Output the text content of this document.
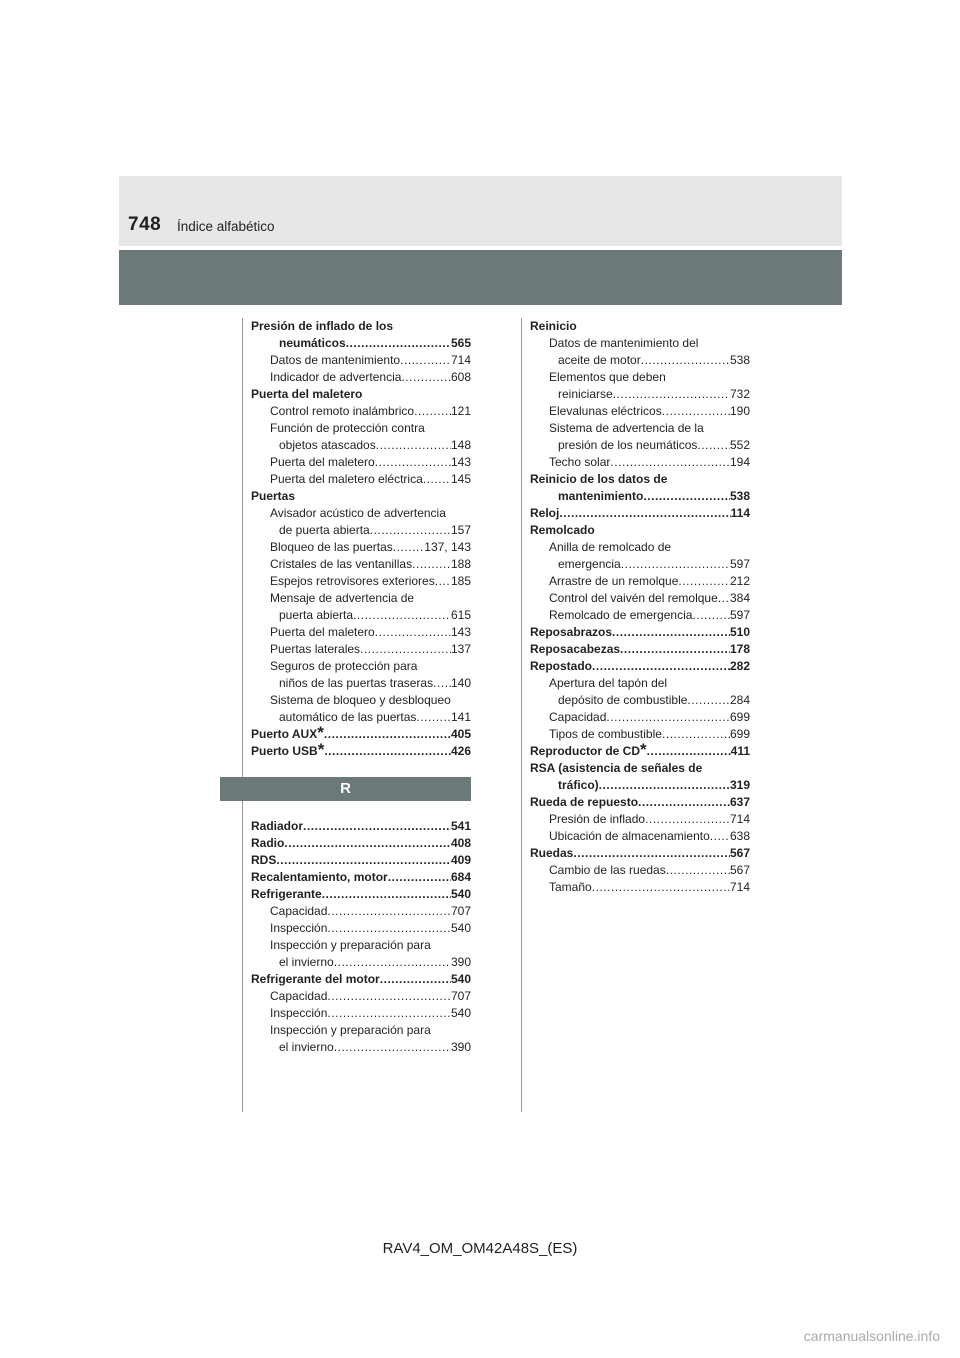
748 Índice alfabético
Presión de inflado de los
neumáticos . . .	565
Datos de mantenimiento . . .	714
Indicador de advertencia . . .	608
Puerta del maletero
Control remoto inalámbrico . . .	121
Función de protección contra
objetos atascados . . .	148
Puerta del maletero . . .	143
Puerta del maletero eléctrica . . . 145
Puertas
Avisador acústico de advertencia
de puerta abierta . . .	157
Bloqueo de las puertas . . .	137, 143
Cristales de las ventanillas . . .	188
Espejos retrovisores exteriores . . . 185
Mensaje de advertencia de
puerta abierta . . .	615
Puerta del maletero . . .	143
Puertas laterales . . .	137
Seguros de protección para
niños de las puertas traseras . . . 140
Sistema de bloqueo y desbloqueo
automático de las puertas . . .	141
Puerto AUX * . . .	405
Puerto USB * . . .	426
R
Radiador . . .	541
Radio . . .	408
RDS . . .	409
Recalentamiento, motor . . .	684
Refrigerante . . .	540
Capacidad . . .	707
Inspección . . .	540
Inspección y preparación para
el invierno . . .	390
Refrigerante del motor . . .	540
Capacidad . . .	707
Inspección . . .	540
Inspección y preparación para
el invierno . . .	390
Reinicio
Datos de mantenimiento del
aceite de motor . . .	538
Elementos que deben
reiniciarse . . .	732
Elevalunas eléctricos . . .	190
Sistema de advertencia de la
presión de los neumáticos . . .	552
Techo solar . . .	194
Reinicio de los datos de
mantenimiento . . .	538
Reloj . . .	114
Remolcado
Anilla de remolcado de
emergencia . . .	597
Arrastre de un remolque . . .	212
Control del vaivén del remolque . . . 384
Remolcado de emergencia . . .	597
Reposabrazos . . .	510
Reposacabezas . . .	178
Repostado . . .	282
Apertura del tapón del
depósito de combustible . . .	284
Capacidad . . .	699
Tipos de combustible . . .	699
Reproductor de CD * . . .	411
RSA (asistencia de señales de
tráfico) . . .	319
Rueda de repuesto . . .	637
Presión de inflado . . .	714
Ubicación de almacenamiento . . . 638
Ruedas . . .	567
Cambio de las ruedas . . .	567
Tamaño . . .	714
RAV4_OM_OM42A48S_(ES)
carmanualsonline.info
